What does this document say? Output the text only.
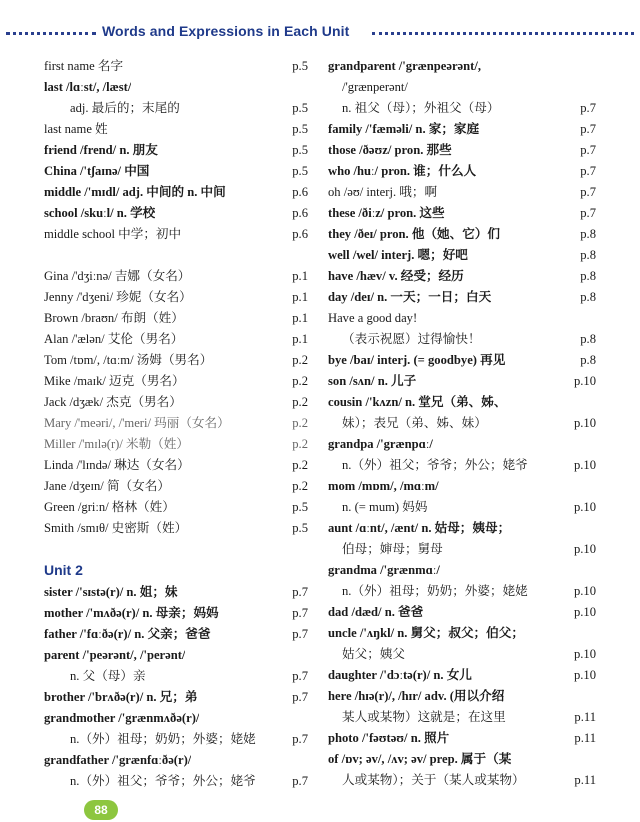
Words and Expressions in Each Unit
first name 名字	p.5
last /lɑːst/, /læst/
adj. 最后的；末尾的	p.5
last name 姓	p.5
friend /frend/ n. 朋友	p.5
China /'tʃaɪnə/ 中国	p.5
middle /'mɪdl/ adj. 中间的 n. 中间	p.6
school /skuːl/ n. 学校	p.6
middle school 中学；初中	p.6
Gina /'dʒiːnə/ 吉娜（女名）	p.1
Jenny /'dʒeni/ 珍妮（女名）	p.1
Brown /braʊn/ 布朗（姓）	p.1
Alan /'ælən/ 艾伦（男名）	p.1
Tom /tɒm/, /tɑːm/ 汤姆（男名）	p.2
Mike /maɪk/ 迈克（男名）	p.2
Jack /dʒæk/ 杰克（男名）	p.2
Mary /'meəri/, /'meri/ 玛丽（女名）	p.2
Miller /'mɪlə(r)/ 米勒（姓）	p.2
Linda /'lɪndə/ 琳达（女名）	p.2
Jane /dʒeɪn/ 简（女名）	p.2
Green /griːn/ 格林（姓）	p.5
Smith /smɪθ/ 史密斯（姓）	p.5
Unit 2
sister /'sɪstə(r)/ n. 姐；妹	p.7
mother /'mʌðə(r)/ n. 母亲；妈妈	p.7
father /'fɑːðə(r)/ n. 父亲；爸爸	p.7
parent /'peərənt/, /'perənt/
n. 父（母）亲	p.7
brother /'brʌðə(r)/ n. 兄；弟	p.7
grandmother /'grænmʌðə(r)/
n.（外）祖母；奶奶；外婆；姥姥	p.7
grandfather /'grænfɑːðə(r)/
n.（外）祖父；爷爷；外公；姥爷	p.7
grandparent /'grænpeərənt/,
/'grænperənt/
n. 祖父（母）；外祖父（母）	p.7
family /'fæməli/ n. 家；家庭	p.7
those /ðəʊz/ pron. 那些	p.7
who /huː/ pron. 谁；什么人	p.7
oh /əʊ/ interj. 哦；啊	p.7
these /ðiːz/ pron. 这些	p.7
they /ðeɪ/ pron. 他（她、它）们	p.8
well /wel/ interj. 嗯；好吧	p.8
have /hæv/ v. 经受；经历	p.8
day /deɪ/ n. 一天；一日；白天	p.8
Have a good day!
（表示祝愿）过得愉快！	p.8
bye /baɪ/ interj. (= goodbye) 再见	p.8
son /sʌn/ n. 儿子	p.10
cousin /'kʌzn/ n. 堂兄（弟、姊、
妹）；表兄（弟、姊、妹）	p.10
grandpa /'grænpɑː/
n.（外）祖父；爷爷；外公；姥爷	p.10
mom /mɒm/, /mɑːm/
n. (= mum) 妈妈	p.10
aunt /ɑːnt/, /ænt/ n. 姑母；姨母；
伯母；婶母；舅母	p.10
grandma /'grænmɑː/
n.（外）祖母；奶奶；外婆；姥姥	p.10
dad /dæd/ n. 爸爸	p.10
uncle /'ʌŋkl/ n. 舅父；叔父；伯父；
姑父；姨父	p.10
daughter /'dɔːtə(r)/ n. 女儿	p.10
here /hɪə(r)/, /hɪr/ adv. (用以介绍
某人或某物）这就是；在这里	p.11
photo /'fəʊtəʊ/ n. 照片	p.11
of /ɒv; əv/, /ʌv; əv/ prep. 属于（某
人或某物）；关于（某人或某物）	p.11
88
